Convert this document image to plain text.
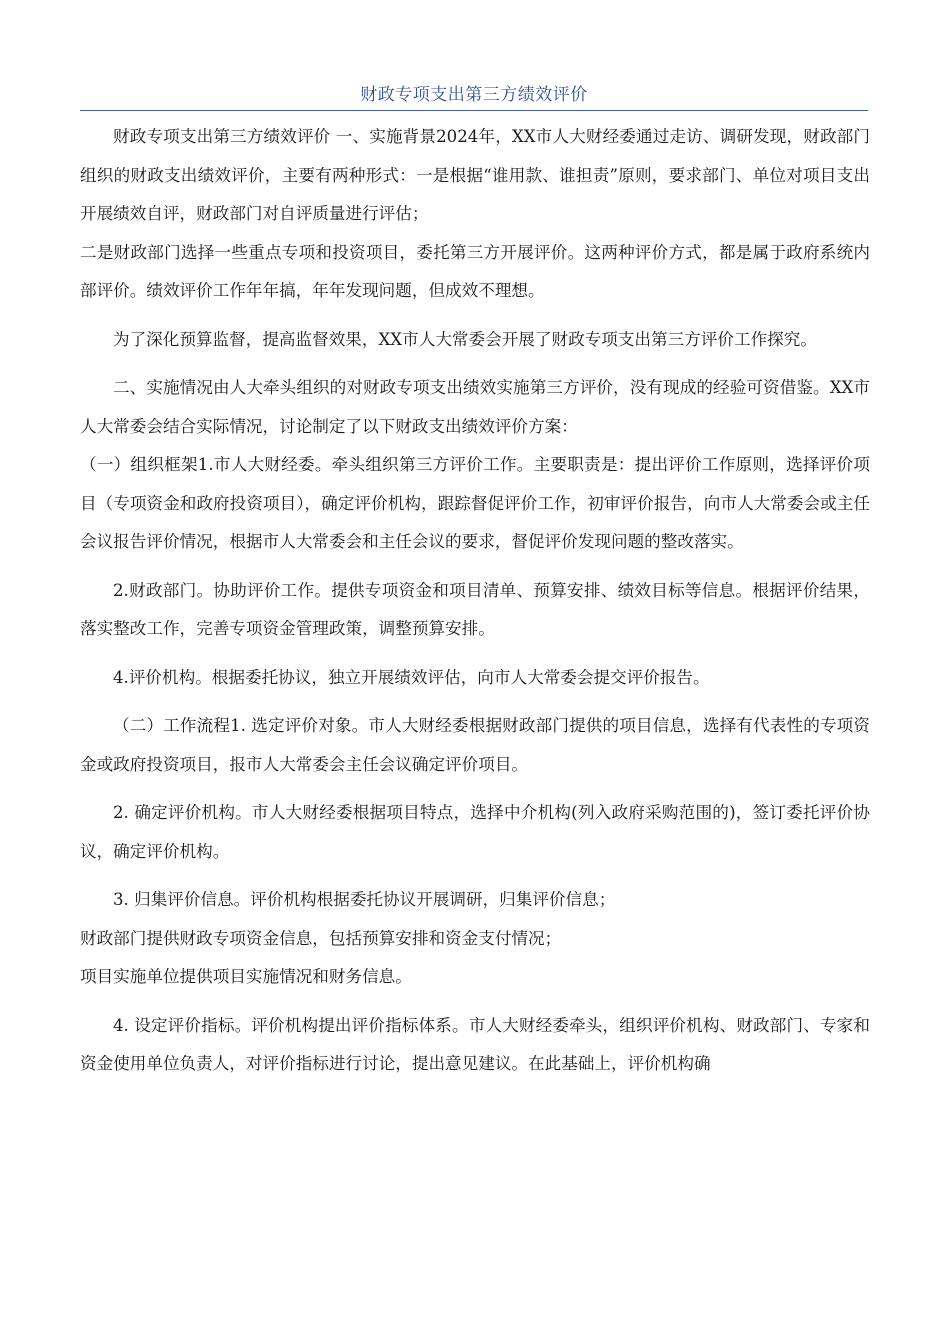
财政专项支出第三方绩效评价

财政专项支出第三方绩效评价 一、实施背景2024年，XX市人大财经委通过走访、调研发现，财政部门组织的财政支出绩效评价，主要有两种形式：一是根据“谁用款、谁担责”原则，要求部门、单位对项目支出开展绩效自评，财政部门对自评质量进行评估；

二是财政部门选择一些重点专项和投资项目，委托第三方开展评价。这两种评价方式，都是属于政府系统内部评价。绩效评价工作年年搞，年年发现问题，但成效不理想。

为了深化预算监督，提高监督效果，XX市人大常委会开展了财政专项支出第三方评价工作探究。

二、实施情况由人大牵头组织的对财政专项支出绩效实施第三方评价，没有现成的经验可资借鉴。XX市人大常委会结合实际情况，讨论制定了以下财政支出绩效评价方案：

（一）组织框架1.市人大财经委。牵头组织第三方评价工作。主要职责是：提出评价工作原则，选择评价项目（专项资金和政府投资项目），确定评价机构，跟踪督促评价工作，初审评价报告，向市人大常委会或主任会议报告评价情况，根据市人大常委会和主任会议的要求，督促评价发现问题的整改落实。

2.财政部门。协助评价工作。提供专项资金和项目清单、预算安排、绩效目标等信息。根据评价结果，落实整改工作，完善专项资金管理政策，调整预算安排。

4.评价机构。根据委托协议，独立开展绩效评估，向市人大常委会提交评价报告。

（二）工作流程1. 选定评价对象。市人大财经委根据财政部门提供的项目信息，选择有代表性的专项资金或政府投资项目，报市人大常委会主任会议确定评价项目。

2. 确定评价机构。市人大财经委根据项目特点，选择中介机构(列入政府采购范围的)，签订委托评价协议，确定评价机构。

3. 归集评价信息。评价机构根据委托协议开展调研，归集评价信息；

财政部门提供财政专项资金信息，包括预算安排和资金支付情况；

项目实施单位提供项目实施情况和财务信息。

4. 设定评价指标。评价机构提出评价指标体系。市人大财经委牵头，组织评价机构、财政部门、专家和资金使用单位负责人，对评价指标进行讨论，提出意见建议。在此基础上，评价机构确
